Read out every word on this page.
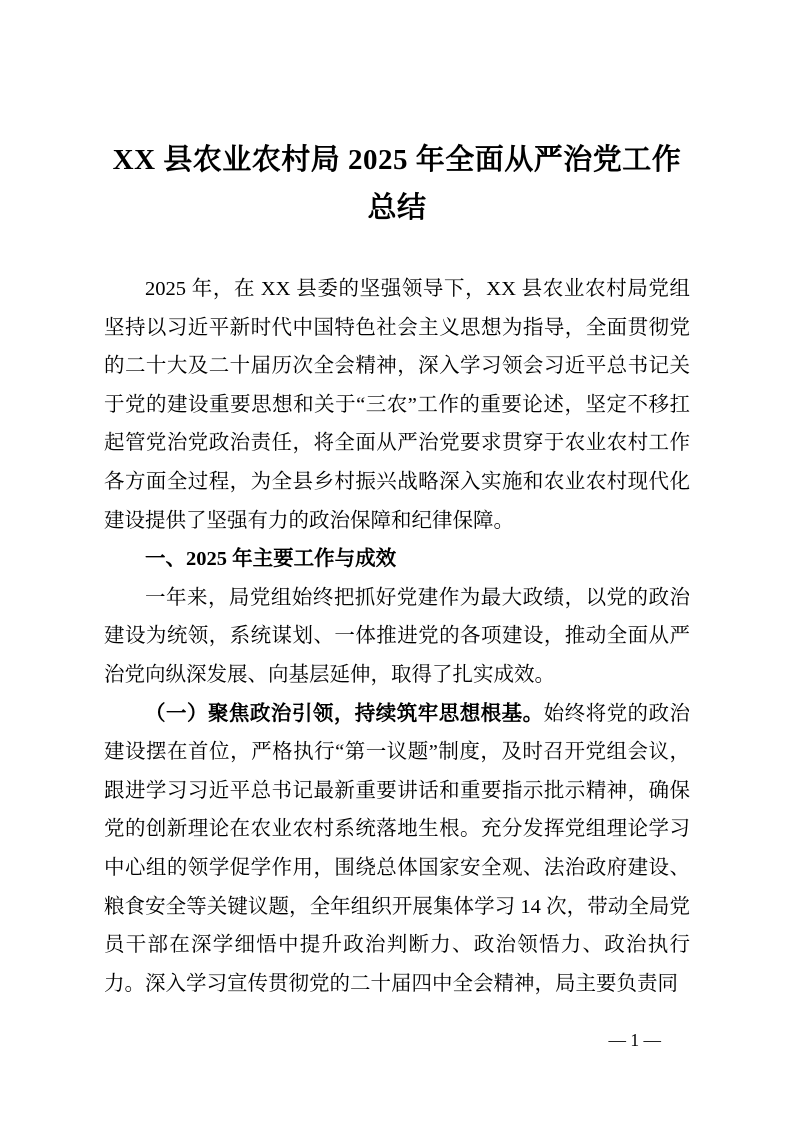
XX 县农业农村局 2025 年全面从严治党工作总结

2025 年，在 XX 县委的坚强领导下，XX 县农业农村局党组坚持以习近平新时代中国特色社会主义思想为指导，全面贯彻党的二十大及二十届历次全会精神，深入学习领会习近平总书记关于党的建设重要思想和关于“三农”工作的重要论述，坚定不移扛起管党治党政治责任，将全面从严治党要求贯穿于农业农村工作各方面全过程，为全县乡村振兴战略深入实施和农业农村现代化建设提供了坚强有力的政治保障和纪律保障。

一、2025 年主要工作与成效

一年来，局党组始终把抓好党建作为最大政绩，以党的政治建设为统领，系统谋划、一体推进党的各项建设，推动全面从严治党向纵深发展、向基层延伸，取得了扎实成效。

（一）聚焦政治引领，持续筑牢思想根基。始终将党的政治建设摆在首位，严格执行“第一议题”制度，及时召开党组会议，跟进学习习近平总书记最新重要讲话和重要指示批示精神，确保党的创新理论在农业农村系统落地生根。充分发挥党组理论学习中心组的领学促学作用，围绕总体国家安全观、法治政府建设、粮食安全等关键议题，全年组织开展集体学习 14 次，带动全局党员干部在深学细悟中提升政治判断力、政治领悟力、政治执行力。深入学习宣传贯彻党的二十届四中全会精神，局主要负责同

— 1 —
